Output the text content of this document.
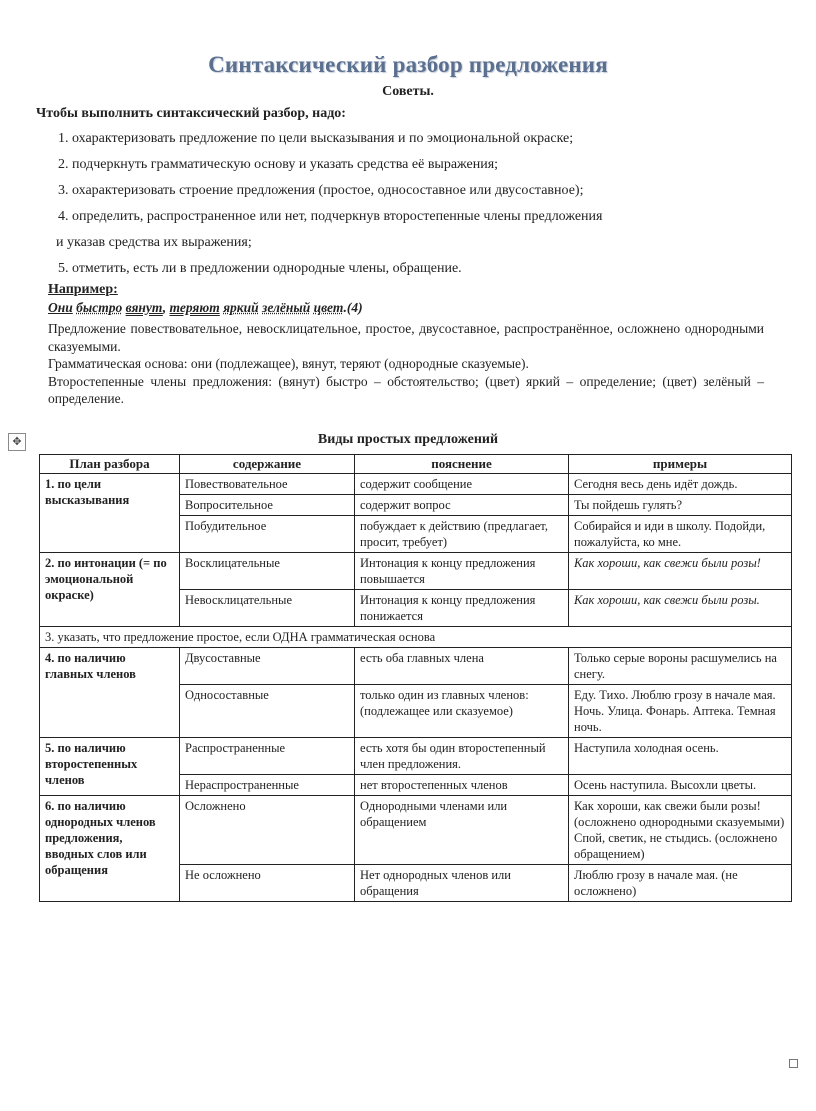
Синтаксический разбор предложения
Советы.
Чтобы выполнить синтаксический разбор, надо:
1. охарактеризовать предложение по цели высказывания и по эмоциональной окраске;
2. подчеркнуть грамматическую основу и указать средства её выражения;
3. охарактеризовать строение предложения (простое, односоставное или двусоставное);
4. определить, распространенное или нет, подчеркнув второстепенные члены предложения
и указав средства их выражения;
5. отметить, есть ли в предложении однородные члены, обращение.
Например:
Они быстро вянут, теряют яркий зелёный цвет.(4)

Предложение повествовательное, невосклицательное, простое, двусоставное, распространённое, осложнено однородными сказуемыми.

Грамматическая основа: они (подлежащее), вянут, теряют (однородные сказуемые).

Второстепенные члены предложения: (вянут) быстро – обстоятельство; (цвет) яркий – определение; (цвет) зелёный – определение.

✥	Виды простых предложений
План разбора	содержание	пояснение	примеры
1. по цели высказывания	Повествовательное	содержит сообщение	Сегодня весь день идёт дождь.
	Вопросительное	содержит вопрос	Ты пойдешь гулять?
	Побудительное	побуждает к действию (предлагает, просит, требует)	Собирайся и иди в школу. Подойди, пожалуйста, ко мне.
2. по интонации (= по эмоциональной окраске)	Восклицательные	Интонация к концу предложения повышается	Как хороши, как свежи были розы!
	Невосклицательные	Интонация к концу предложения понижается	Как хороши, как свежи были розы.
3. указать, что предложение простое, если ОДНА грамматическая основа			
4. по наличию главных членов	Двусоставные	есть оба главных члена	Только серые вороны расшумелись на снегу.
	Односоставные	только один из главных членов: (подлежащее или сказуемое)	Еду. Тихо. Люблю грозу в начале мая.
Ночь. Улица. Фонарь. Аптека. Темная ночь.

5. по наличию второстепенных членов	Распространенные	есть хотя бы один второстепенный член предложения.	Наступила холодная осень.
	Нераспространенные	нет второстепенных членов	Осень наступила. Высохли цветы.
6. по наличию однородных членов предложения, вводных слов или обращения	Осложнено	Однородными членами или обращением	Как хороши, как свежи были розы! (осложнено однородными сказуемыми)
Спой, светик, не стыдись. (осложнено обращением)

	Не осложнено	Нет однородных членов или обращения	Люблю грозу в начале мая. (не осложнено)
